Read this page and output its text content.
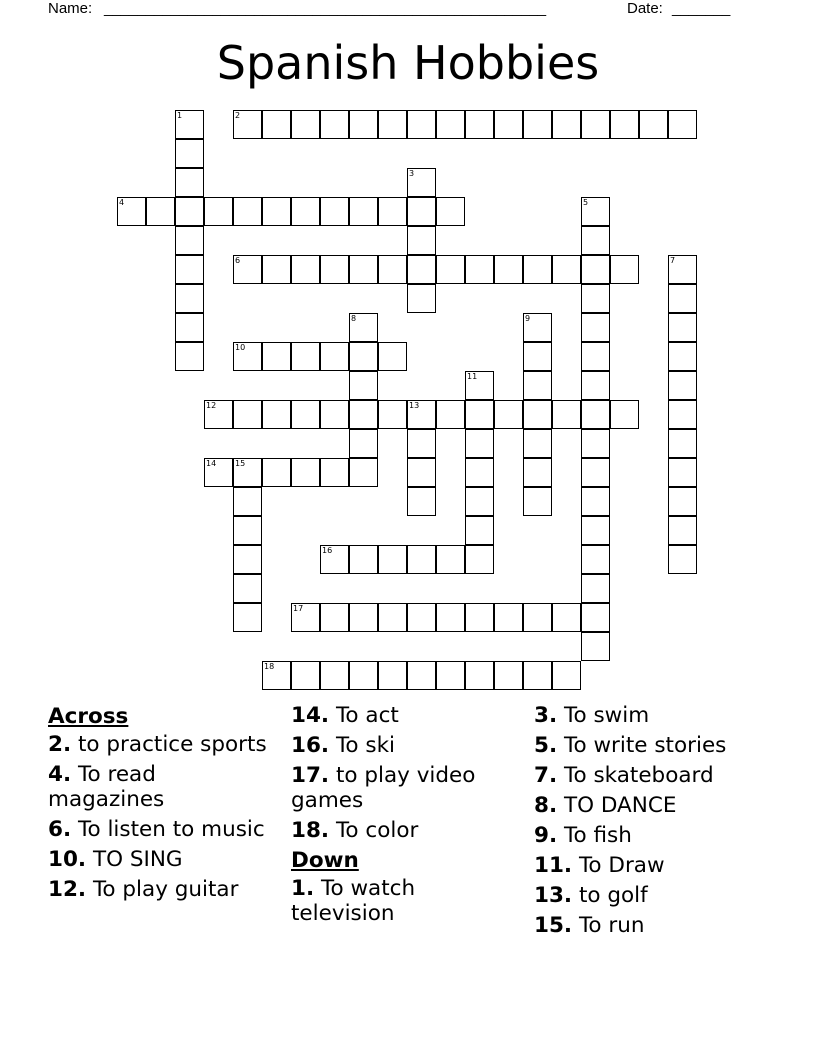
Name:

_____________________________________________________

	Date:

_______

Spanish Hobbies
1	2
3
4	5
6	7
8	9
10
11
12	13
14 15
16
17
18
Across
2. to practice sports
4. To read magazines
6. To listen to music
10. TO SING
12. To play guitar
14. To act
16. To ski
17. to play video games
18. To color
Down
1. To watch television
3. To swim
5. To write stories
7. To skateboard
8. TO DANCE
9. To fish
11. To Draw
13. to golf
15. To run
